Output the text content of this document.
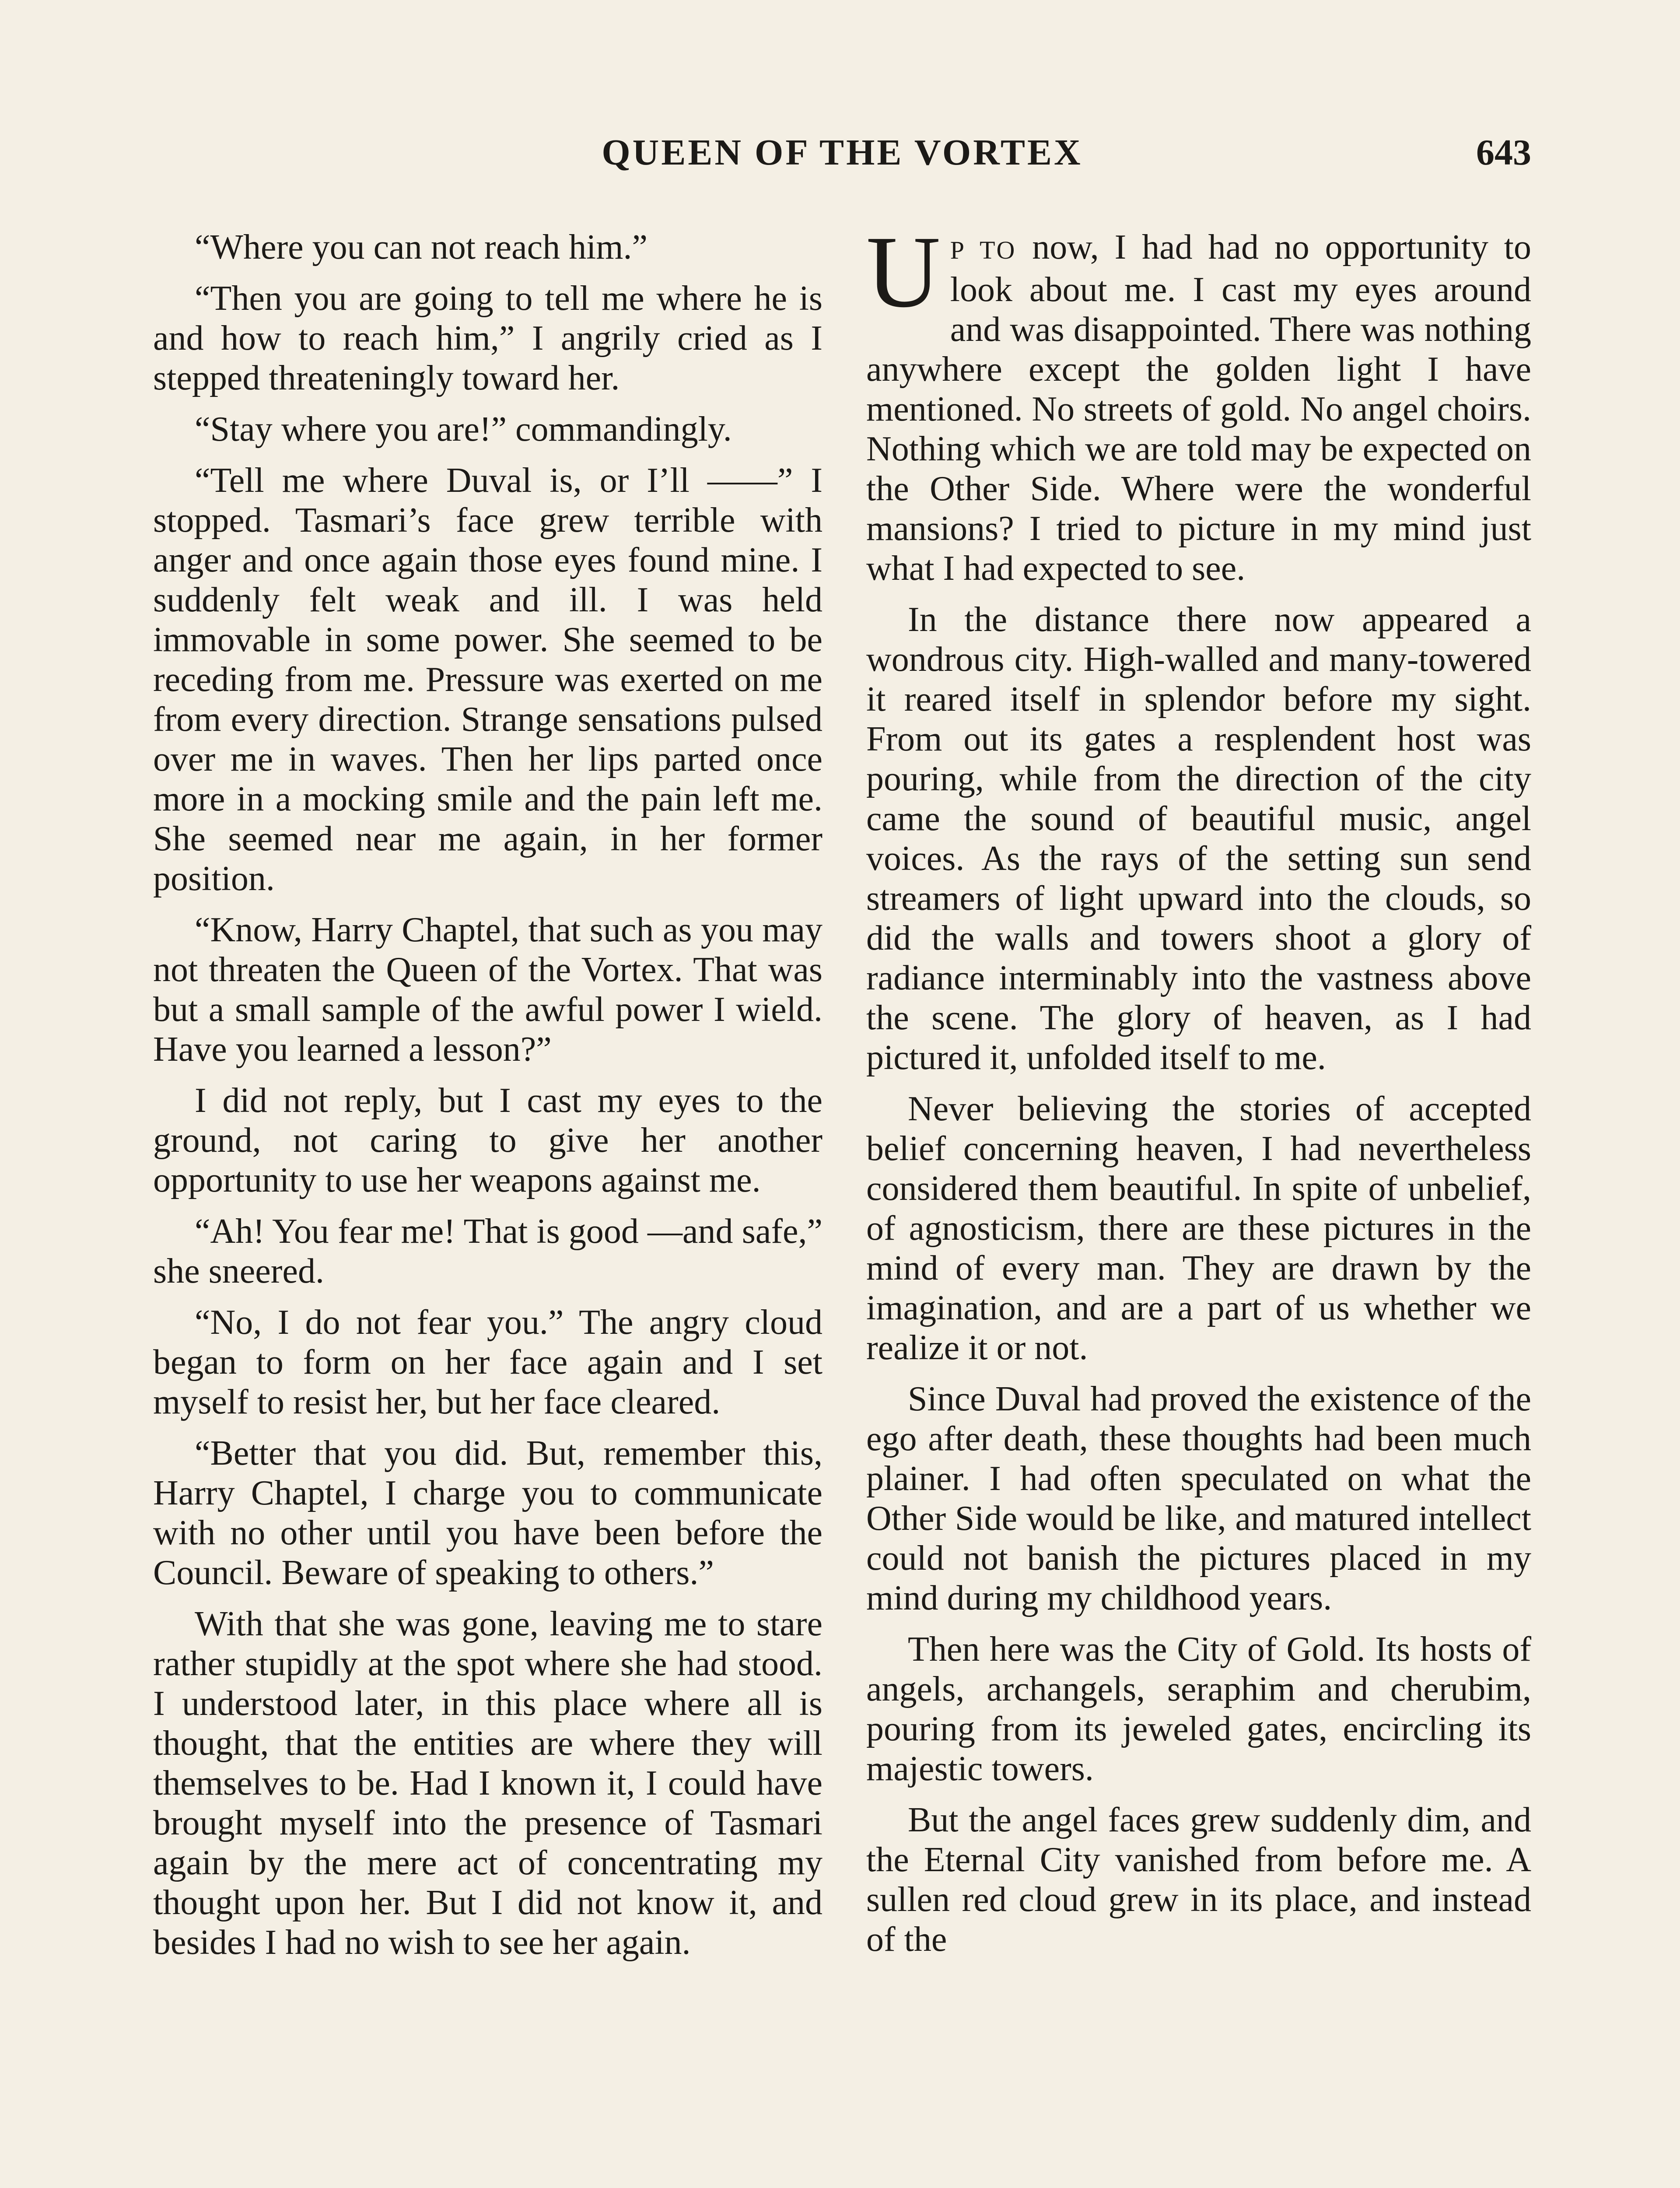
QUEEN OF THE VORTEX	643

“Where you can not reach him.”

“Then you are going to tell me where he is and how to reach him,” I angrily cried as I stepped threateningly toward her.

“Stay where you are!” commandingly.

“Tell me where Duval is, or I’ll ——” I stopped. Tasmari’s face grew terrible with anger and once again those eyes found mine. I suddenly felt weak and ill. I was held immovable in some power. She seemed to be receding from me. Pressure was exerted on me from every direction. Strange sensations pulsed over me in waves. Then her lips parted once more in a mocking smile and the pain left me. She seemed near me again, in her former position.

“Know, Harry Chaptel, that such as you may not threaten the Queen of the Vortex. That was but a small sample of the awful power I wield. Have you learned a lesson?”

I did not reply, but I cast my eyes to the ground, not caring to give her another opportunity to use her weapons against me.

“Ah! You fear me! That is good —and safe,” she sneered.

“No, I do not fear you.” The angry cloud began to form on her face again and I set myself to resist her, but her face cleared.

“Better that you did. But, remember this, Harry Chaptel, I charge you to communicate with no other until you have been before the Council. Beware of speaking to others.”

With that she was gone, leaving me to stare rather stupidly at the spot where she had stood. I understood later, in this place where all is thought, that the entities are where they will themselves to be. Had I known it, I could have brought myself into the presence of Tasmari again by the mere act of concentrating my thought upon her. But I did not know it, and besides I had no wish to see her again.

U P TO now, I had had no opportunity to look about me. I cast my eyes around and was disappointed. There was nothing anywhere except the golden light I have mentioned. No streets of gold. No angel choirs. Nothing which we are told may be expected on the Other Side. Where were the wonderful mansions? I tried to picture in my mind just what I had expected to see.

In the distance there now appeared a wondrous city. High-walled and many-towered it reared itself in splendor before my sight. From out its gates a resplendent host was pouring, while from the direction of the city came the sound of beautiful music, angel voices. As the rays of the setting sun send streamers of light upward into the clouds, so did the walls and towers shoot a glory of radiance interminably into the vastness above the scene. The glory of heaven, as I had pictured it, unfolded itself to me.

Never believing the stories of accepted belief concerning heaven, I had nevertheless considered them beautiful. In spite of unbelief, of agnosticism, there are these pictures in the mind of every man. They are drawn by the imagination, and are a part of us whether we realize it or not.

Since Duval had proved the existence of the ego after death, these thoughts had been much plainer. I had often speculated on what the Other Side would be like, and matured intellect could not banish the pictures placed in my mind during my childhood years.

Then here was the City of Gold. Its hosts of angels, archangels, seraphim and cherubim, pouring from its jeweled gates, encircling its majestic towers.

But the angel faces grew suddenly dim, and the Eternal City vanished from before me. A sullen red cloud grew in its place, and instead of the
